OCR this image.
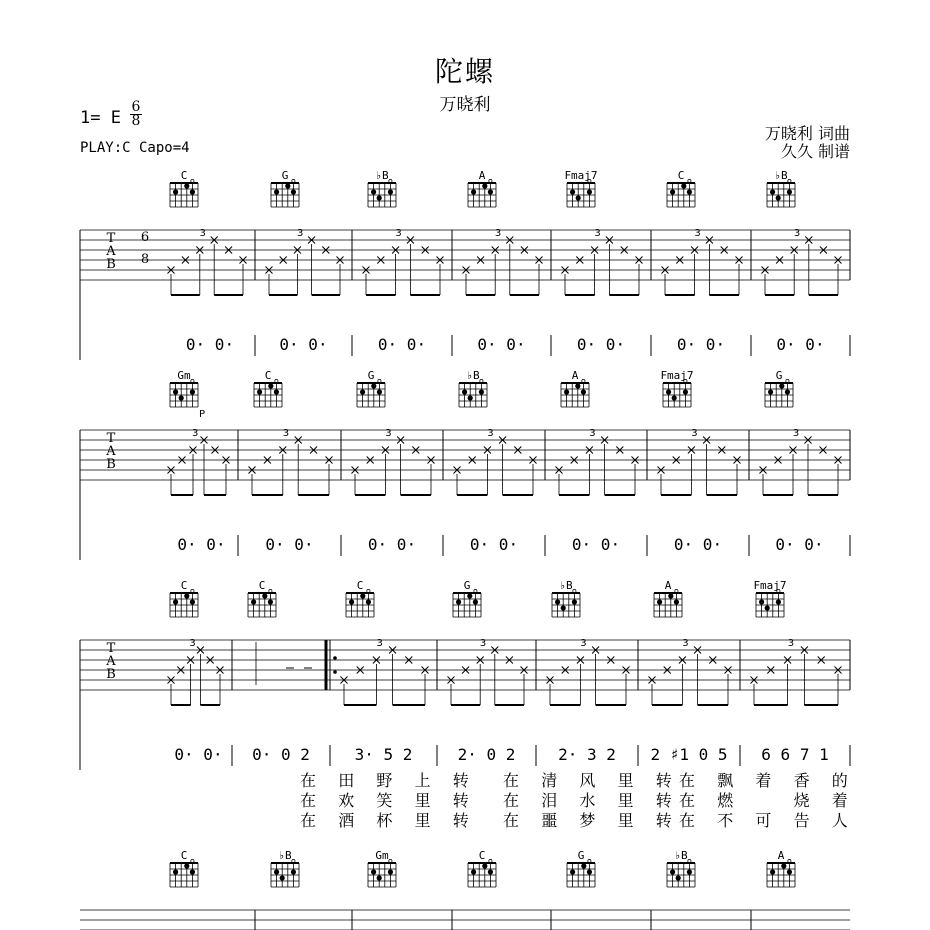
陀螺
万晓利
1= E
6
8
PLAY:C Capo=4
万晓利 词曲
久久 制谱
T
A
B
6
8
C	G	♭B	A	Fmaj7	C	♭B
3	3	3	3	3	3	3
0· 0·	0· 0·	0· 0·	0· 0·	0· 0·	0· 0·	0· 0·
T
A
B
Gm	C	G	♭B	A	Fmaj7	G
3	3	3	3	3	3	3
0· 0· 0· 0·	0· 0·	0· 0·	0· 0·	0· 0·	0· 0·
T
A
B
C	C	C	G	♭B	A	Fmaj7
3	3	3	3	3	3
0· 0· 0· 0 2	3· 5 2	2· 0 2	2· 3 2 2 ♯1 0 5 6 6 7 1
在 田 野 上 转 在 清 风 里 转 在 飘 着 香 的
在 欢 笑 里 转 在 泪 水 里 转 在 燃	烧 着
在 酒 杯 里 转 在 噩 梦 里 转 在 不 可 告 人
C	♭B	Gm	C	G	♭B	A
P
